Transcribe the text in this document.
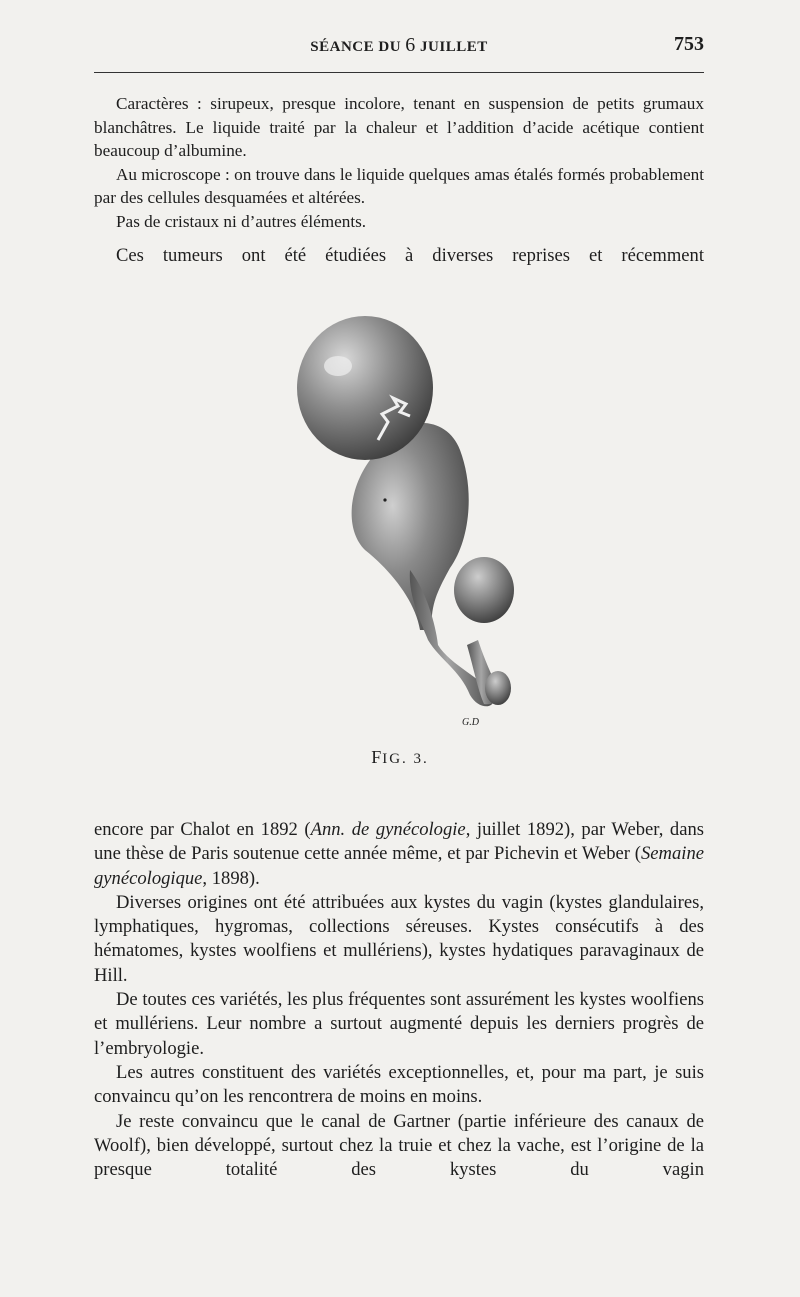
SÉANCE DU 6 JUILLET	753

Caractères : sirupeux, presque incolore, tenant en suspension de petits grumaux blanchâtres. Le liquide traité par la chaleur et l’addition d’acide acétique contient beaucoup d’albumine.

Au microscope : on trouve dans le liquide quelques amas étalés formés probablement par des cellules desquamées et altérées.

Pas de cristaux ni d’autres éléments.

Ces tumeurs ont été étudiées à diverses reprises et récemment

G.D
FIG. 3.

encore par Chalot en 1892 (Ann. de gynécologie, juillet 1892), par Weber, dans une thèse de Paris soutenue cette année même, et par Pichevin et Weber (Semaine gynécologique, 1898).

Diverses origines ont été attribuées aux kystes du vagin (kystes glandulaires, lymphatiques, hygromas, collections séreuses. Kystes consécutifs à des hématomes, kystes woolfiens et mullériens), kystes hydatiques paravaginaux de Hill.

De toutes ces variétés, les plus fréquentes sont assurément les kystes woolfiens et mullériens. Leur nombre a surtout augmenté depuis les derniers progrès de l’embryologie.

Les autres constituent des variétés exceptionnelles, et, pour ma part, je suis convaincu qu’on les rencontrera de moins en moins.

Je reste convaincu que le canal de Gartner (partie inférieure des canaux de Woolf), bien développé, surtout chez la truie et chez la vache, est l’origine de la presque totalité des kystes du vagin
